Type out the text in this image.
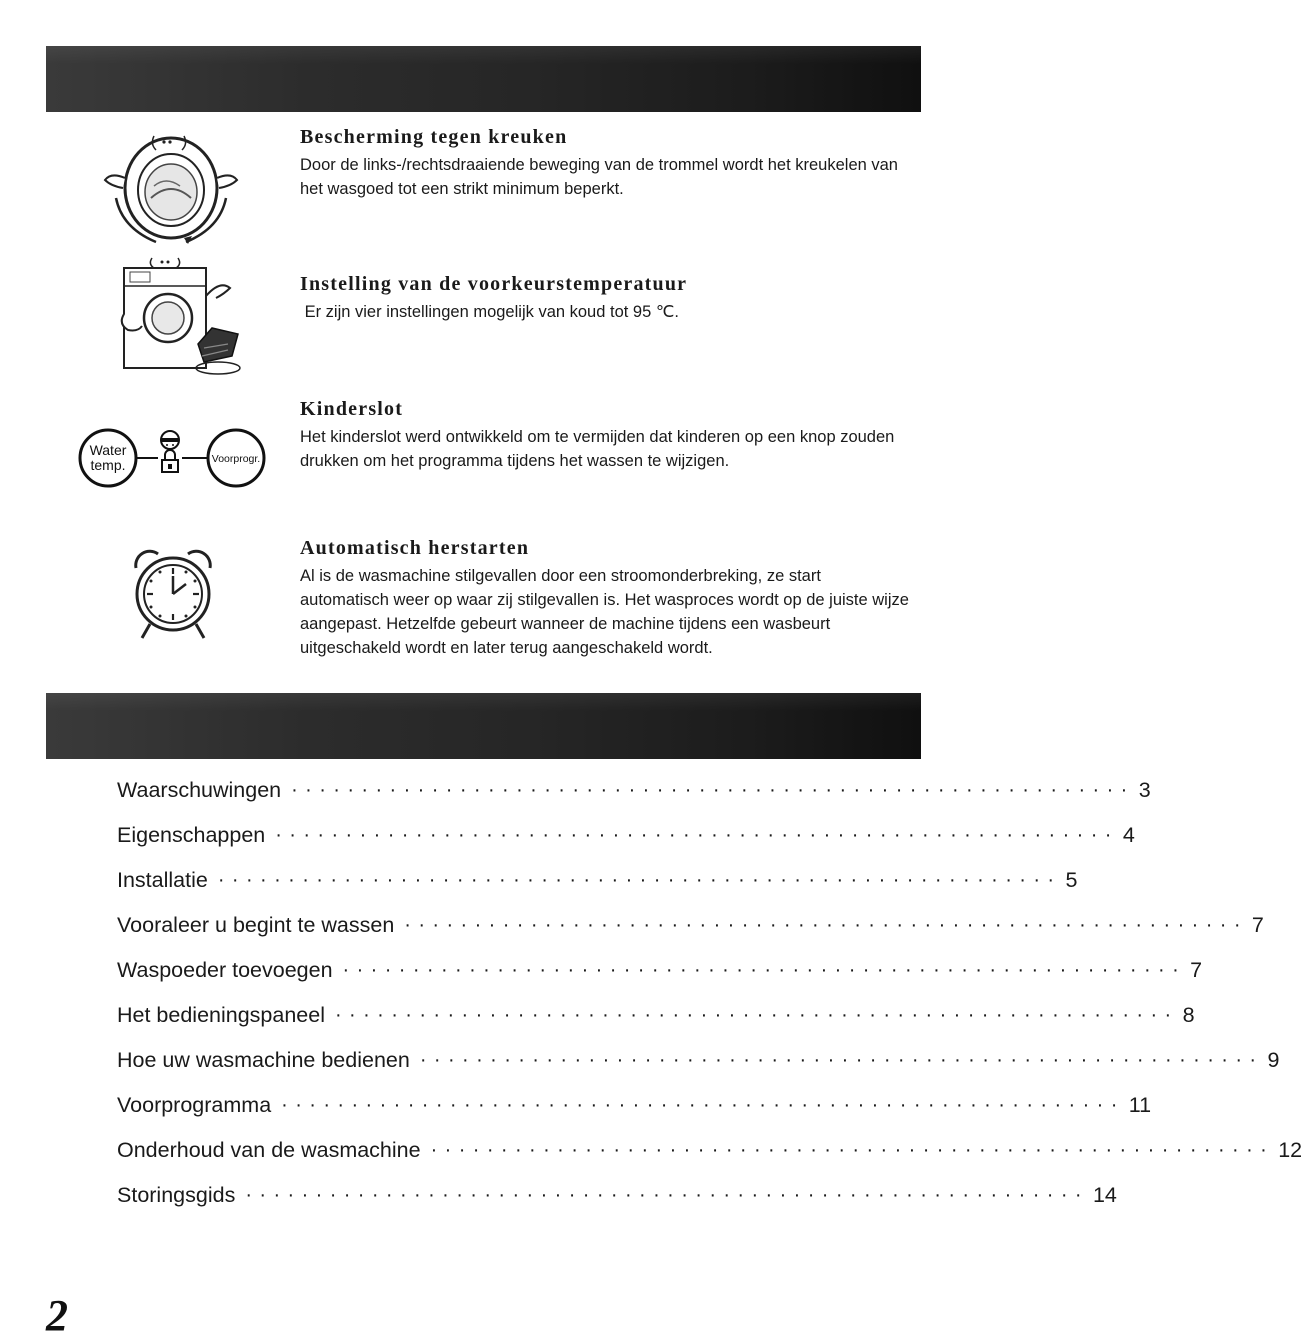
Bescherming tegen kreuken

Door de links-/rechtsdraaiende beweging van de trommel wordt het kreukelen van het wasgoed tot een strikt minimum beperkt.

Instelling van de voorkeurstemperatuur

Er zijn vier instellingen mogelijk van koud tot 95 ℃.

Water
temp.	Voorprogr.
Kinderslot

Het kinderslot werd ontwikkeld om te vermijden dat kinderen op een knop zouden drukken om het programma tijdens het wassen te wijzigen.

Automatisch herstarten

Al is de wasmachine stilgevallen door een stroomonderbreking, ze start automatisch weer op waar zij stilgevallen is. Het wasproces wordt op de juiste wijze aangepast. Hetzelfde gebeurt wanneer de machine tijdens een wasbeurt uitgeschakeld wordt en later terug aangeschakeld wordt.

Waarschuwingen ···························································· 3
Eigenschappen ···························································· 4
Installatie ···························································· 5
Vooraleer u begint te wassen ···························································· 7
Waspoeder toevoegen ···························································· 7
Het bedieningspaneel ···························································· 8
Hoe uw wasmachine bedienen ···························································· 9
Voorprogramma ···························································· 11
Onderhoud van de wasmachine ···························································· 12
Storingsgids ···························································· 14
2
